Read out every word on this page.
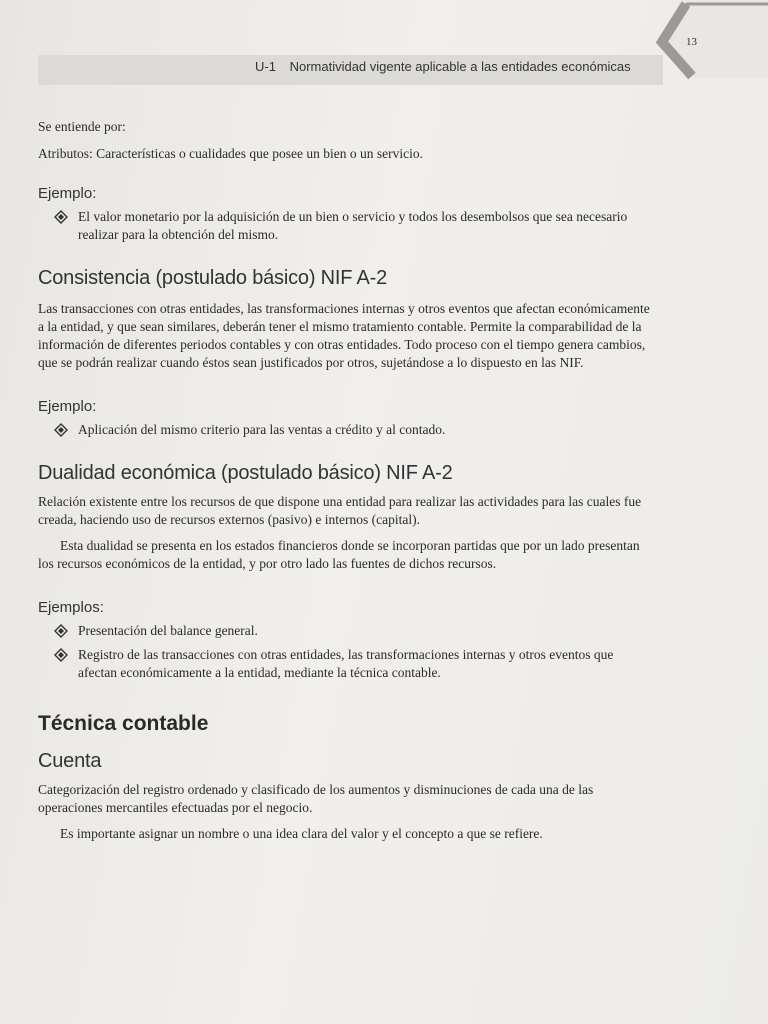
U-1 Normatividad vigente aplicable a las entidades económicas
13

Se entiende por:

Atributos: Características o cualidades que posee un bien o un servicio.

Ejemplo:
El valor monetario por la adquisición de un bien o servicio y todos los desembolsos que sea necesario realizar para la obtención del mismo.
Consistencia (postulado básico) NIF A-2

Las transacciones con otras entidades, las transformaciones internas y otros eventos que afectan económicamente a la entidad, y que sean similares, deberán tener el mismo tratamiento contable. Permite la comparabilidad de la información de diferentes periodos contables y con otras entidades. Todo proceso con el tiempo genera cambios, que se podrán realizar cuando éstos sean justificados por otros, sujetándose a lo dispuesto en las NIF.

Ejemplo:
Aplicación del mismo criterio para las ventas a crédito y al contado.
Dualidad económica (postulado básico) NIF A-2

Relación existente entre los recursos de que dispone una entidad para realizar las actividades para las cuales fue creada, haciendo uso de recursos externos (pasivo) e internos (capital).

Esta dualidad se presenta en los estados financieros donde se incorporan partidas que por un lado presentan los recursos económicos de la entidad, y por otro lado las fuentes de dichos recursos.

Ejemplos:
Presentación del balance general.
Registro de las transacciones con otras entidades, las transformaciones internas y otros eventos que afectan económicamente a la entidad, mediante la técnica contable.
Técnica contable
Cuenta

Categorización del registro ordenado y clasificado de los aumentos y disminuciones de cada una de las operaciones mercantiles efectuadas por el negocio.

Es importante asignar un nombre o una idea clara del valor y el concepto a que se refiere.
